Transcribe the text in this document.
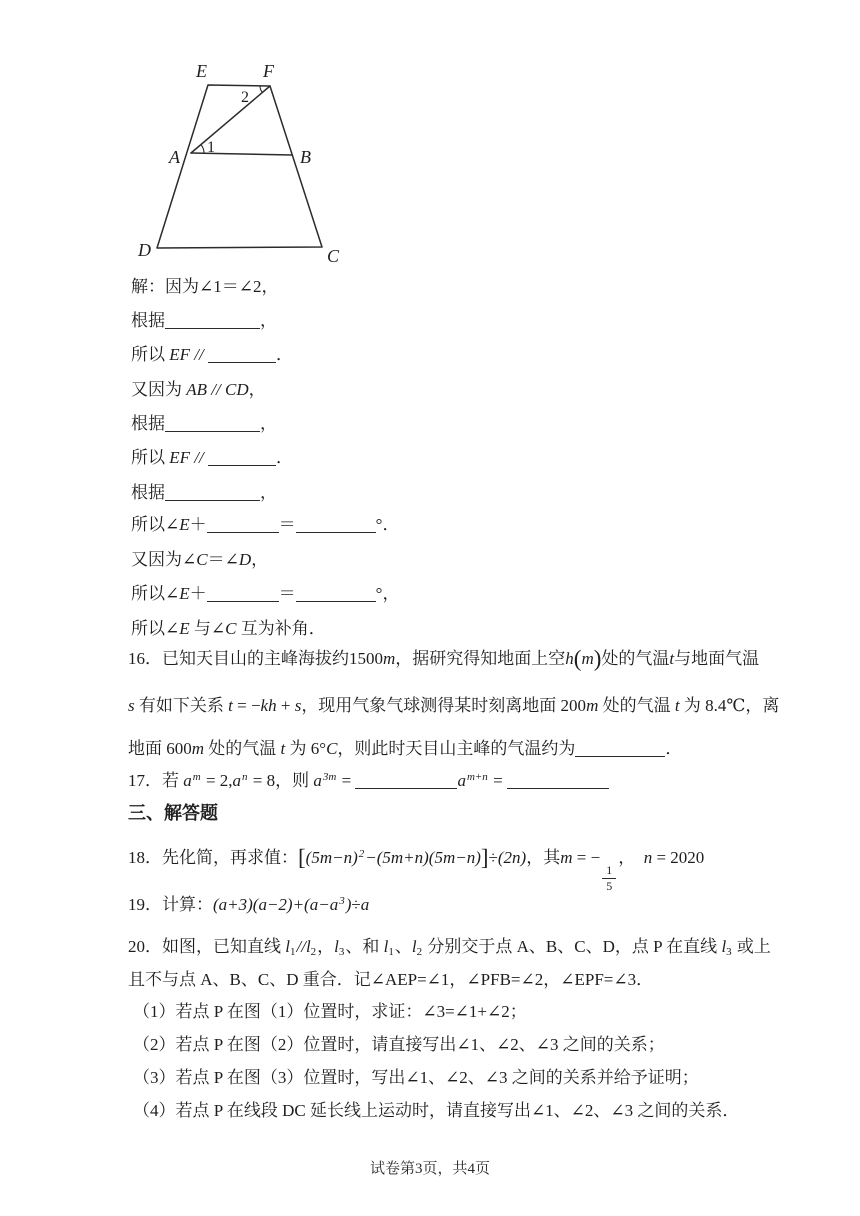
E	F
A	B
D	C
1
2
解：因为∠1＝∠2，
根据	，
所以 EF //	．
又因为 AB // CD，
根据	，
所以 EF //	．
根据	，
所以∠E＋	＝	°．
又因为∠C＝∠D，
所以∠E＋	＝	°，
所以∠E 与∠C 互为补角．
16．已知天目山的主峰海拔约1500m，据研究得知地面上空h(m)处的气温t与地面气温
s 有如下关系 t = −kh + s，现用气象气球测得某时刻离地面 200m 处的气温 t 为 8.4℃，离
地面 600m 处的气温 t 为 6°C，则此时天目山主峰的气温约为	．
17．若 $a^m = 2,a^n = 8$，则 $a^{3m}$ =	$a^{m+n}$ =
三、解答题
18．先化简，再求值：$[(5m-n)^2-(5m+n)(5m-n)]\div(2n)$，其m = −
$\frac{1}{5}$
，  n = 2020
19．计算：$(a+3)(a-2)+(a-a^3)\div a$
20．如图，已知直线 l1//l2，l3、和 l1、l2 分别交于点 A、B、C、D，点 P 在直线 l3 或上
且不与点 A、B、C、D 重合．记∠AEP=∠1，∠PFB=∠2，∠EPF=∠3．
（1）若点 P 在图（1）位置时，求证：∠3=∠1+∠2；
（2）若点 P 在图（2）位置时，请直接写出∠1、∠2、∠3 之间的关系；
（3）若点 P 在图（3）位置时，写出∠1、∠2、∠3 之间的关系并给予证明；
（4）若点 P 在线段 DC 延长线上运动时，请直接写出∠1、∠2、∠3 之间的关系．
试卷第3页，共4页
